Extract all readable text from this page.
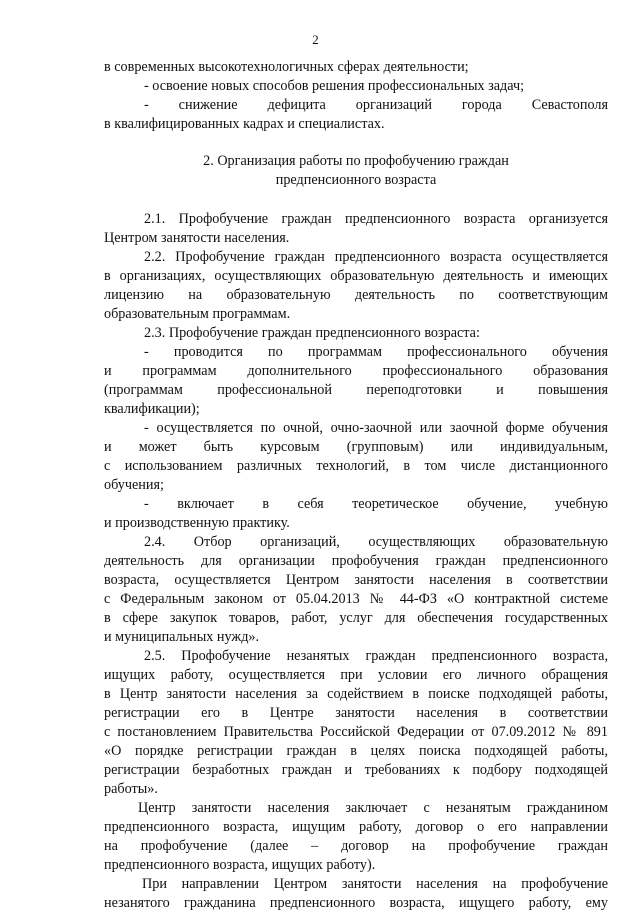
2
в современных высокотехнологичных сферах деятельности;
- освоение новых способов решения профессиональных задач;
- снижение дефицита организаций города Севастополя
в квалифицированных кадрах и специалистах.
2. Организация работы по профобучению граждан
предпенсионного возраста
2.1. Профобучение граждан предпенсионного возраста организуется
Центром занятости населения.
2.2. Профобучение граждан предпенсионного возраста осуществляется
в организациях, осуществляющих образовательную деятельность и имеющих
лицензию на образовательную деятельность по соответствующим
образовательным программам.
2.3. Профобучение граждан предпенсионного возраста:
- проводится по программам профессионального обучения
и программам дополнительного профессионального образования
(программам профессиональной переподготовки и повышения
квалификации);
- осуществляется по очной, очно-заочной или заочной форме обучения
и может быть курсовым (групповым) или индивидуальным,
с использованием различных технологий, в том числе дистанционного
обучения;
- включает в себя теоретическое обучение, учебную
и производственную практику.
2.4. Отбор организаций, осуществляющих образовательную
деятельность для организации профобучения граждан предпенсионного
возраста, осуществляется Центром занятости населения в соответствии
с Федеральным законом от 05.04.2013 № 44-ФЗ «О контрактной системе
в сфере закупок товаров, работ, услуг для обеспечения государственных
и муниципальных нужд».
2.5. Профобучение незанятых граждан предпенсионного возраста,
ищущих работу, осуществляется при условии его личного обращения
в Центр занятости населения за содействием в поиске подходящей работы,
регистрации его в Центре занятости населения в соответствии
с постановлением Правительства Российской Федерации от 07.09.2012 № 891
«О порядке регистрации граждан в целях поиска подходящей работы,
регистрации безработных граждан и требованиях к подбору подходящей
работы».
Центр занятости населения заключает с незанятым гражданином
предпенсионного возраста, ищущим работу, договор о его направлении
на профобучение (далее – договор на профобучение граждан
предпенсионного возраста, ищущих работу).
При направлении Центром занятости населения на профобучение
незанятого гражданина предпенсионного возраста, ищущего работу, ему
